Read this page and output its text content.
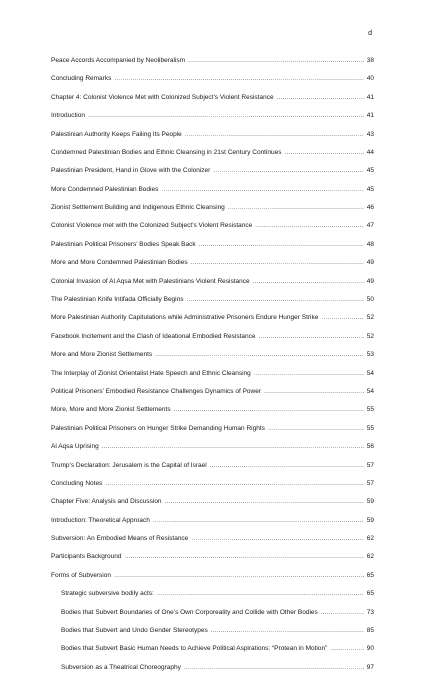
d
Peace Accords Accompanied by Neoliberalism .....	38
Concluding Remarks .....	40
Chapter 4: Colonist Violence Met with Colonized Subject’s Violent Resistance .....	41
Introduction .....	41
Palestinian Authority Keeps Failing Its People .....	43
Condemned Palestinian Bodies and Ethnic Cleansing in 21st Century Continues .....	44
Palestinian President, Hand in Glove with the Colonizer .....	45
More Condemned Palestinian Bodies .....	45
Zionist Settlement Building and Indigenous Ethnic Cleansing .....	46
Colonist Violence met with the Colonized Subject’s Violent Resistance .....	47
Palestinian Political Prisoners’ Bodies Speak Back .....	48
More and More Condemned Palestinian Bodies .....	49
Colonial Invasion of Al Aqsa Met with Palestinians Violent Resistance .....	49
The Palestinian Knife Intifada Officially Begins .....	50
More Palestinian Authority Capitulations while Administrative Prisoners Endure Hunger Strike .....	52
Facebook Incitement and the Clash of Ideational Embodied Resistance .....	52
More and More Zionist Settlements .....	53
The Interplay of Zionist Orientalist Hate Speech and Ethnic Cleansing .....	54
Political Prisoners’ Embodied Resistance Challenges Dynamics of Power .....	54
More, More and More Zionist Settlements .....	55
Palestinian Political Prisoners on Hunger Strike Demanding Human Rights .....	55
Al Aqsa Uprising .....	56
Trump’s Declaration: Jerusalem is the Capital of Israel .....	57
Concluding Notes .....	57
Chapter Five: Analysis and Discussion .....	59
Introduction: Theoretical Approach .....	59
Subversion: An Embodied Means of Resistance .....	62
Participants Background .....	62
Forms of Subversion .....	65
Strategic subversive bodily acts: .....	65
Bodies that Subvert Boundaries of One’s Own Corporeality and Collide with Other Bodies .....	73
Bodies that Subvert and Undo Gender Stereotypes .....	85
Bodies that Subvert Basic Human Needs to Achieve Political Aspirations: “Protean in Motion” .....	90
Subversion as a Theatrical Choreography .....	97
